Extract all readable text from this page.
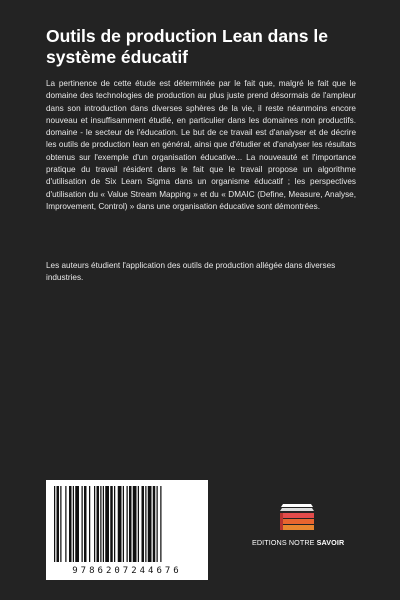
Outils de production Lean dans le système éducatif

La pertinence de cette étude est déterminée par le fait que, malgré le fait que le domaine des technologies de production au plus juste prend désormais de l'ampleur dans son introduction dans diverses sphères de la vie, il reste néanmoins encore nouveau et insuffisamment étudié, en particulier dans les domaines non productifs. domaine - le secteur de l'éducation. Le but de ce travail est d'analyser et de décrire les outils de production lean en général, ainsi que d'étudier et d'analyser les résultats obtenus sur l'exemple d'un organisation éducative... La nouveauté et l'importance pratique du travail résident dans le fait que le travail propose un algorithme d'utilisation de Six Learn Sigma dans un organisme éducatif ; les perspectives d'utilisation du « Value Stream Mapping » et du « DMAIC (Define, Measure, Analyse, Improvement, Control) » dans une organisation éducative sont démontrées.

Les auteurs étudient l'application des outils de production allégée dans diverses industries.

9786207244676
EDITIONS NOTRE SAVOIR
